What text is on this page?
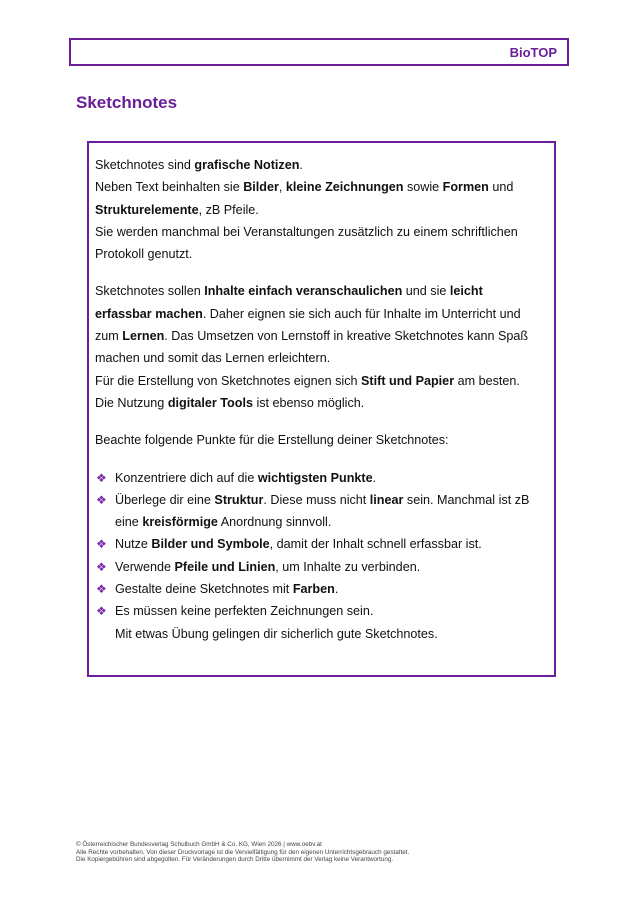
BioTOP
Sketchnotes

Sketchnotes sind grafische Notizen.

Neben Text beinhalten sie Bilder, kleine Zeichnungen sowie Formen und Strukturelemente, zB Pfeile.

Sie werden manchmal bei Veranstaltungen zusätzlich zu einem schriftlichen Protokoll genutzt.

Sketchnotes sollen Inhalte einfach veranschaulichen und sie leicht erfassbar machen. Daher eignen sie sich auch für Inhalte im Unterricht und zum Lernen. Das Umsetzen von Lernstoff in kreative Sketchnotes kann Spaß machen und somit das Lernen erleichtern.

Für die Erstellung von Sketchnotes eignen sich Stift und Papier am besten.

Die Nutzung digitaler Tools ist ebenso möglich.

Beachte folgende Punkte für die Erstellung deiner Sketchnotes:

❖ Konzentriere dich auf die wichtigsten Punkte.
❖ Überlege dir eine Struktur. Diese muss nicht linear sein. Manchmal ist zB eine kreisförmige Anordnung sinnvoll.
❖ Nutze Bilder und Symbole, damit der Inhalt schnell erfassbar ist.
❖ Verwende Pfeile und Linien, um Inhalte zu verbinden.
❖ Gestalte deine Sketchnotes mit Farben.
❖ Es müssen keine perfekten Zeichnungen sein.
Mit etwas Übung gelingen dir sicherlich gute Sketchnotes.
© Österreichischer Bundesverlag Schulbuch GmbH & Co. KG, Wien 2026 | www.oebv.at
Alle Rechte vorbehalten. Von dieser Druckvorlage ist die Vervielfältigung für den eigenen Unterrichtsgebrauch gestattet.
Die Kopiergebühren sind abgegolten. Für Veränderungen durch Dritte übernimmt der Verlag keine Verantwortung.
